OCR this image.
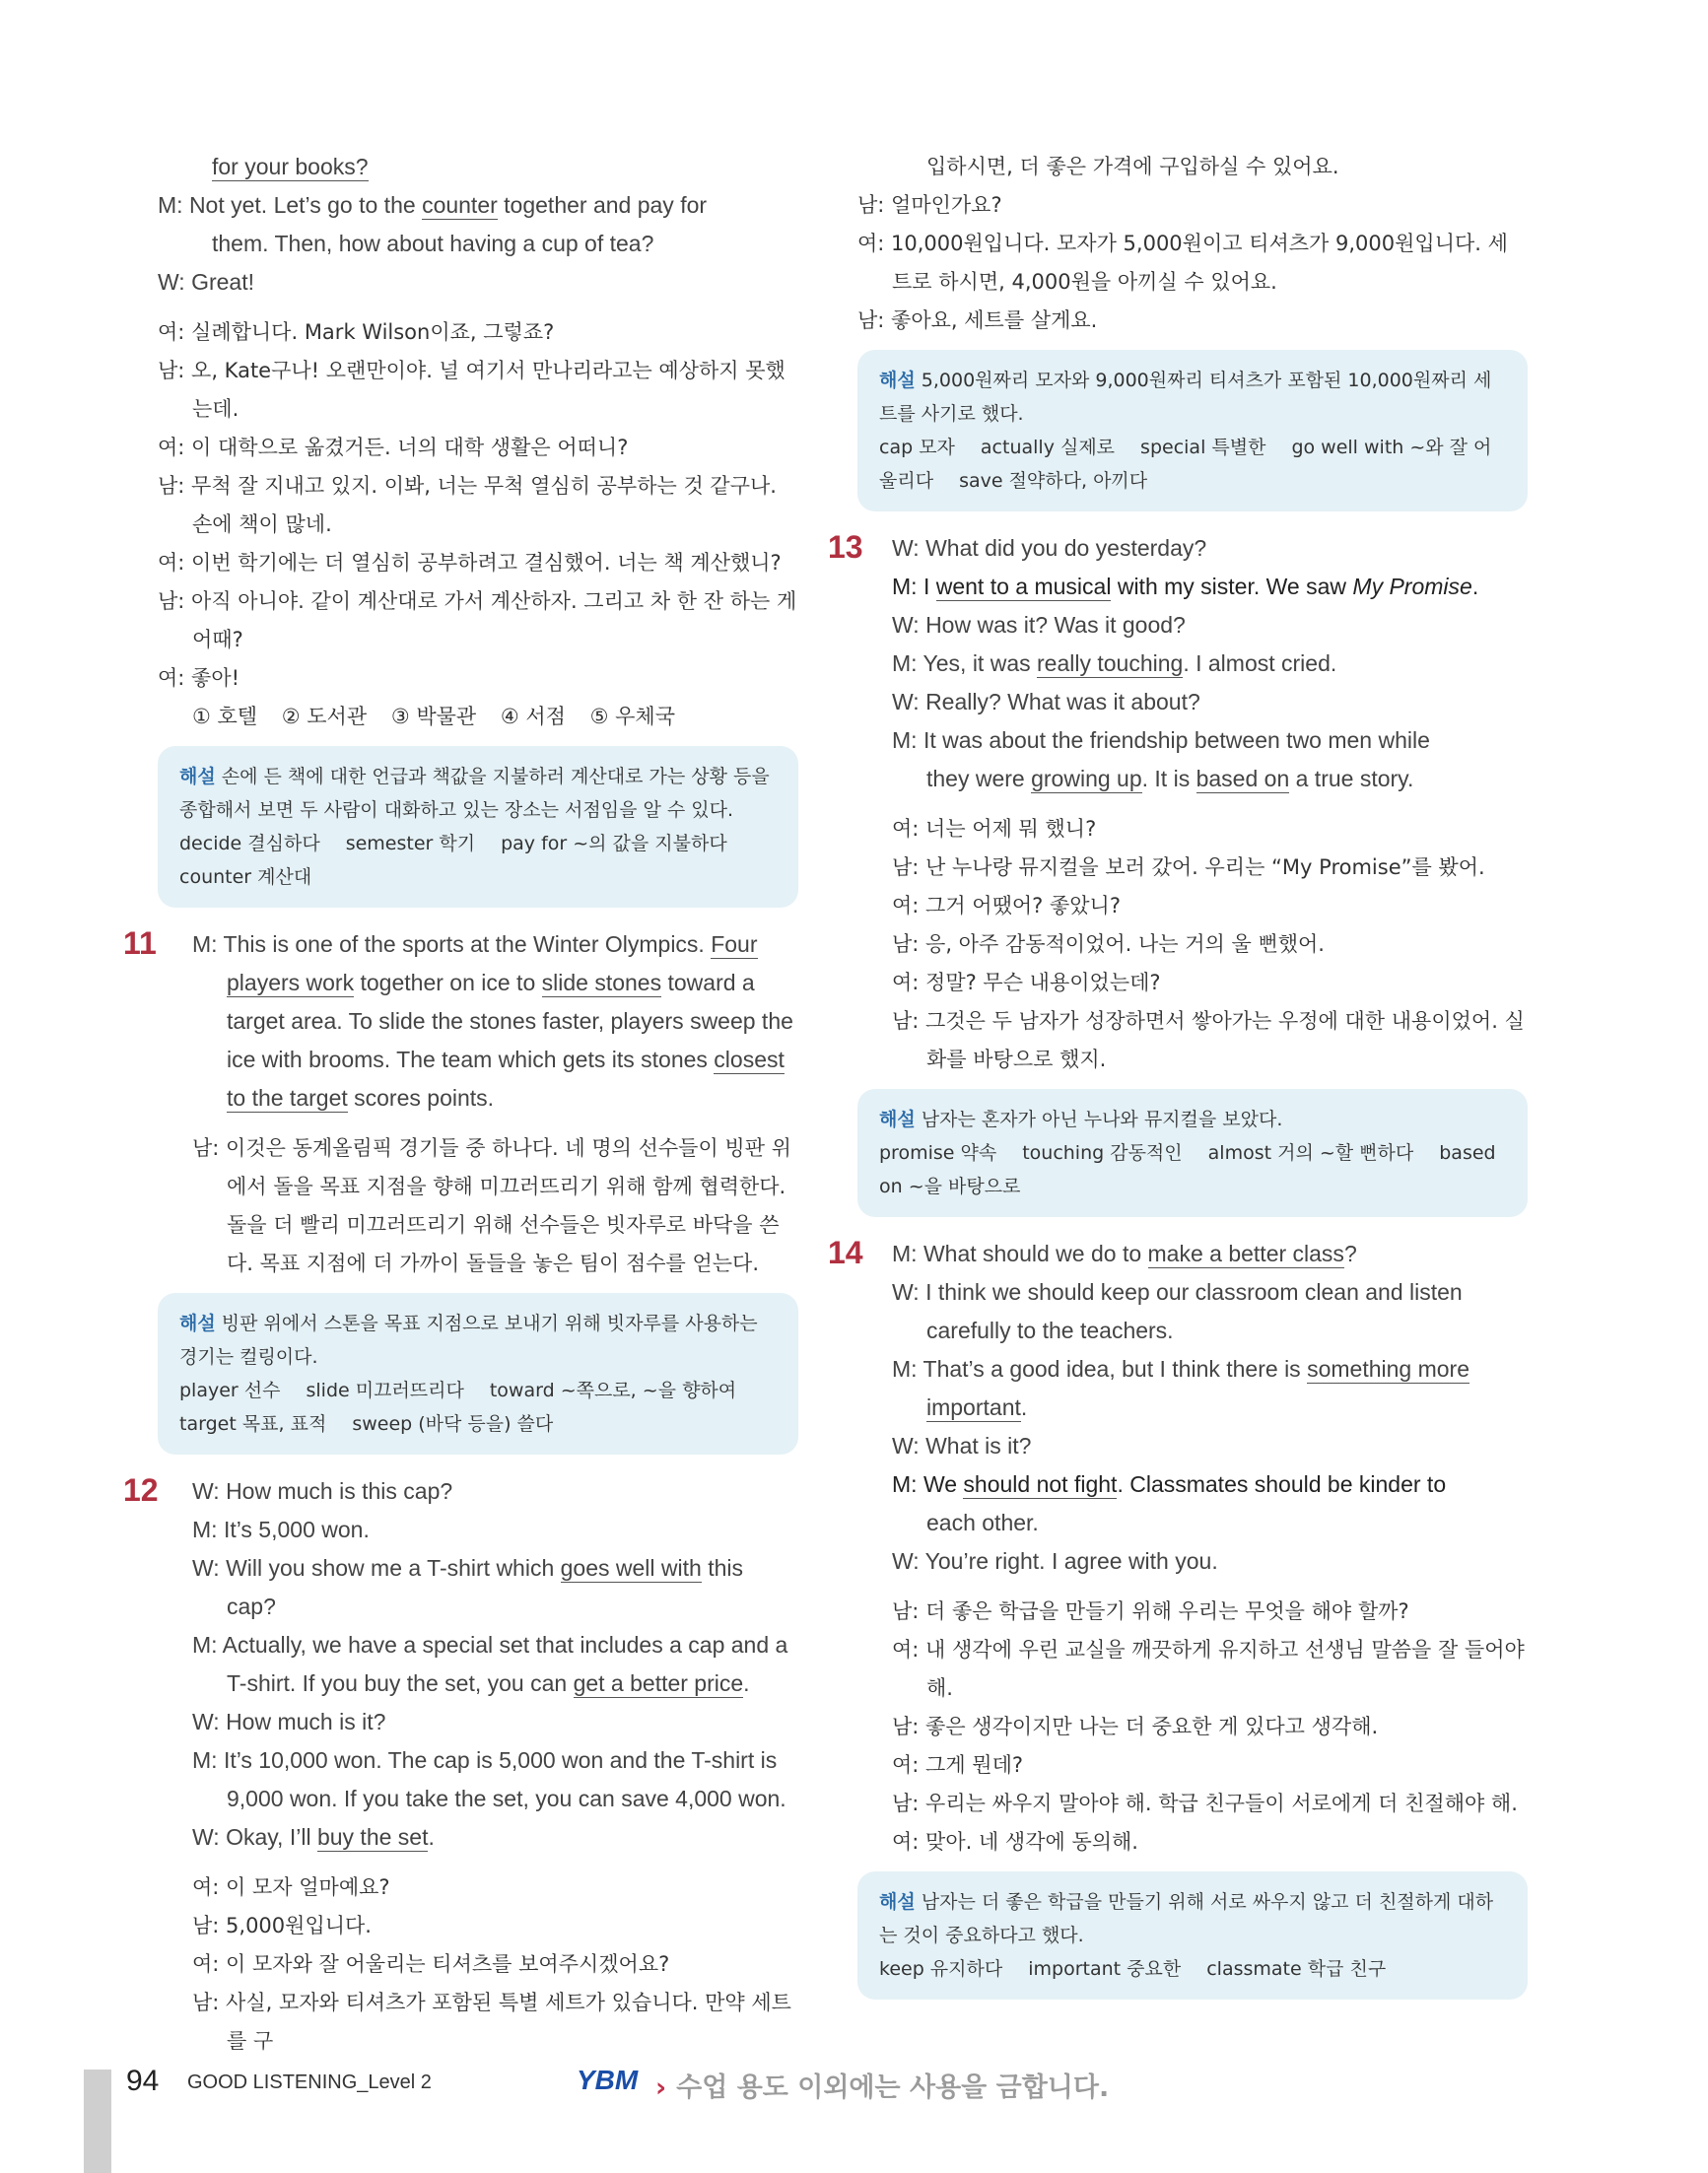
for your books?
M: Not yet. Let’s go to the counter together and pay for
them. Then, how about having a cup of tea?
W: Great!
여: 실례합니다. Mark Wilson이죠, 그렇죠?
남: 오, Kate구나! 오랜만이야. 널 여기서 만나리라고는 예상하지 못했는데.
여: 이 대학으로 옮겼거든. 너의 대학 생활은 어떠니?
남: 무척 잘 지내고 있지. 이봐, 너는 무척 열심히 공부하는 것 같구나. 손에 책이 많네.
여: 이번 학기에는 더 열심히 공부하려고 결심했어. 너는 책 계산했니?
남: 아직 아니야. 같이 계산대로 가서 계산하자. 그리고 차 한 잔 하는 게 어때?
여: 좋아!
① 호텔 ② 도서관 ③ 박물관 ④ 서점 ⑤ 우체국
해설 손에 든 책에 대한 언급과 책값을 지불하러 계산대로 가는 상황 등을 종합해서 보면 두 사람이 대화하고 있는 장소는 서점임을 알 수 있다.
decide 결심하다 semester 학기 pay for ~의 값을 지불하다counter 계산대
11	M: This is one of the sports at the Winter Olympics. Four
players work together on ice to slide stones toward a
target area. To slide the stones faster, players sweep the
ice with brooms. The team which gets its stones closest
to the target scores points.
남: 이것은 동계올림픽 경기들 중 하나다. 네 명의 선수들이 빙판 위에서 돌을 목표 지점을 향해 미끄러뜨리기 위해 함께 협력한다. 돌을 더 빨리 미끄러뜨리기 위해 선수들은 빗자루로 바닥을 쓴다. 목표 지점에 더 가까이 돌들을 놓은 팀이 점수를 얻는다.
해설 빙판 위에서 스톤을 목표 지점으로 보내기 위해 빗자루를 사용하는 경기는 컬링이다.
player 선수 slide 미끄러뜨리다 toward ~쪽으로, ~을 향하여
target 목표, 표적 sweep (바닥 등을) 쓸다
12	W: How much is this cap?
M: It’s 5,000 won.
W: Will you show me a T-shirt which goes well with this cap?
M: Actually, we have a special set that includes a cap and a
T-shirt. If you buy the set, you can get a better price.
W: How much is it?
M: It’s 10,000 won. The cap is 5,000 won and the T-shirt is
9,000 won. If you take the set, you can save 4,000 won.
W: Okay, I’ll buy the set.
여: 이 모자 얼마예요?
남: 5,000원입니다.
여: 이 모자와 잘 어울리는 티셔츠를 보여주시겠어요?
남: 사실, 모자와 티셔츠가 포함된 특별 세트가 있습니다. 만약 세트를 구
입하시면, 더 좋은 가격에 구입하실 수 있어요.
남: 얼마인가요?
여: 10,000원입니다. 모자가 5,000원이고 티셔츠가 9,000원입니다. 세트로 하시면, 4,000원을 아끼실 수 있어요.
남: 좋아요, 세트를 살게요.
해설 5,000원짜리 모자와 9,000원짜리 티셔츠가 포함된 10,000원짜리 세트를 사기로 했다.
cap 모자 actually 실제로 special 특별한 go well with ~와 잘 어울리다 save 절약하다, 아끼다
13	W: What did you do yesterday?
M: I went to a musical with my sister. We saw My Promise.
W: How was it? Was it good?
M: Yes, it was really touching. I almost cried.
W: Really? What was it about?
M: It was about the friendship between two men while
they were growing up. It is based on a true story.
여: 너는 어제 뭐 했니?
남: 난 누나랑 뮤지컬을 보러 갔어. 우리는 “My Promise”를 봤어.
여: 그거 어땠어? 좋았니?
남: 응, 아주 감동적이었어. 나는 거의 울 뻔했어.
여: 정말? 무슨 내용이었는데?
남: 그것은 두 남자가 성장하면서 쌓아가는 우정에 대한 내용이었어. 실화를 바탕으로 했지.
해설 남자는 혼자가 아닌 누나와 뮤지컬을 보았다.
promise 약속 touching 감동적인 almost 거의 ~할 뻔하다 based on ~을 바탕으로
14	M: What should we do to make a better class?
W: I think we should keep our classroom clean and listen
carefully to the teachers.
M: That’s a good idea, but I think there is something more
important.
W: What is it?
M: We should not fight. Classmates should be kinder to
each other.
W: You’re right. I agree with you.
남: 더 좋은 학급을 만들기 위해 우리는 무엇을 해야 할까?
여: 내 생각에 우린 교실을 깨끗하게 유지하고 선생님 말씀을 잘 들어야 해.
남: 좋은 생각이지만 나는 더 중요한 게 있다고 생각해.
여: 그게 뭔데?
남: 우리는 싸우지 말아야 해. 학급 친구들이 서로에게 더 친절해야 해.
여: 맞아. 네 생각에 동의해.
해설 남자는 더 좋은 학급을 만들기 위해 서로 싸우지 않고 더 친절하게 대하는 것이 중요하다고 했다.
keep 유지하다 important 중요한 classmate 학급 친구
94 GOOD LISTENING_Level 2	YBM › 수업 용도 이외에는 사용을 금합니다.
